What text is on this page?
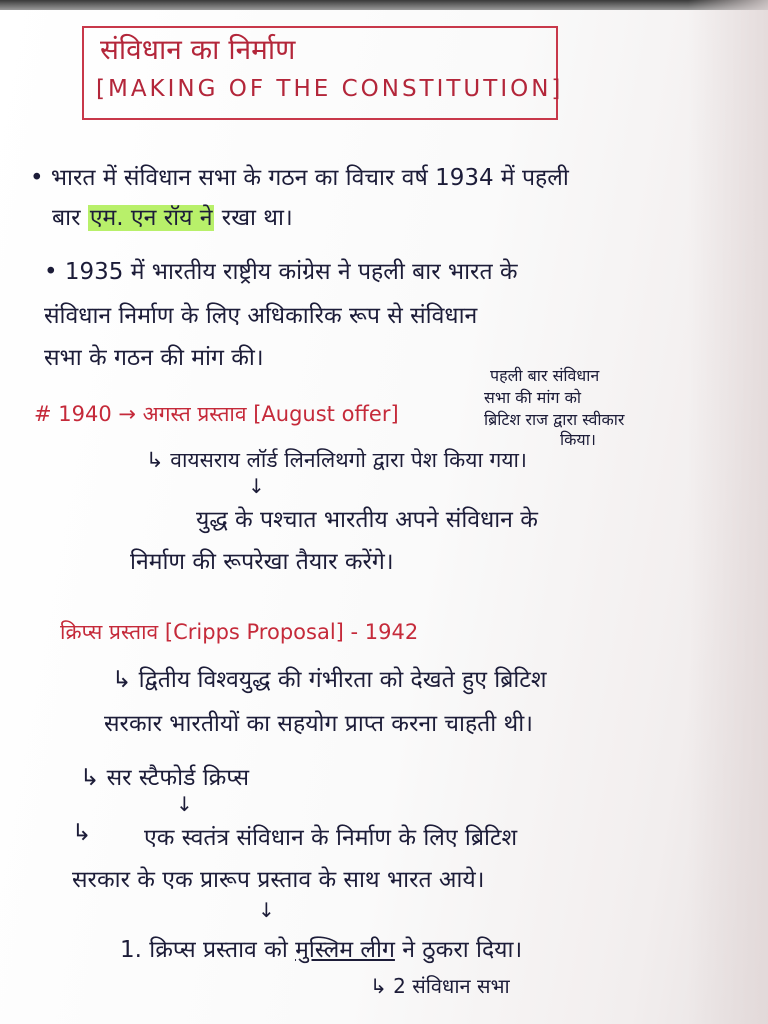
संविधान का निर्माण
[MAKING OF THE CONSTITUTION]
• भारत में संविधान सभा के गठन का विचार वर्ष 1934 में पहली
बार एम. एन रॉय ने रखा था।
• 1935 में भारतीय राष्ट्रीय कांग्रेस ने पहली बार भारत के
संविधान निर्माण के लिए अधिकारिक रूप से संविधान
सभा के गठन की मांग की।
पहली बार संविधान
सभा की मांग को
ब्रिटिश राज द्वारा स्वीकार
किया।
# 1940 → अगस्त प्रस्ताव [August offer]
↳ वायसराय लॉर्ड लिनलिथगो द्वारा पेश किया गया।
↓
युद्ध के पश्चात भारतीय अपने संविधान के
निर्माण की रूपरेखा तैयार करेंगे।
क्रिप्स प्रस्ताव [Cripps Proposal] - 1942
↳ द्वितीय विश्वयुद्ध की गंभीरता को देखते हुए ब्रिटिश
सरकार भारतीयों का सहयोग प्राप्त करना चाहती थी।
↳ सर स्टैफोर्ड क्रिप्स
↓
↳ एक स्वतंत्र संविधान के निर्माण के लिए ब्रिटिश
सरकार के एक प्रारूप प्रस्ताव के साथ भारत आये।
↓
1. क्रिप्स प्रस्ताव को मुस्लिम लीग ने ठुकरा दिया।
↳ 2 संविधान सभा
